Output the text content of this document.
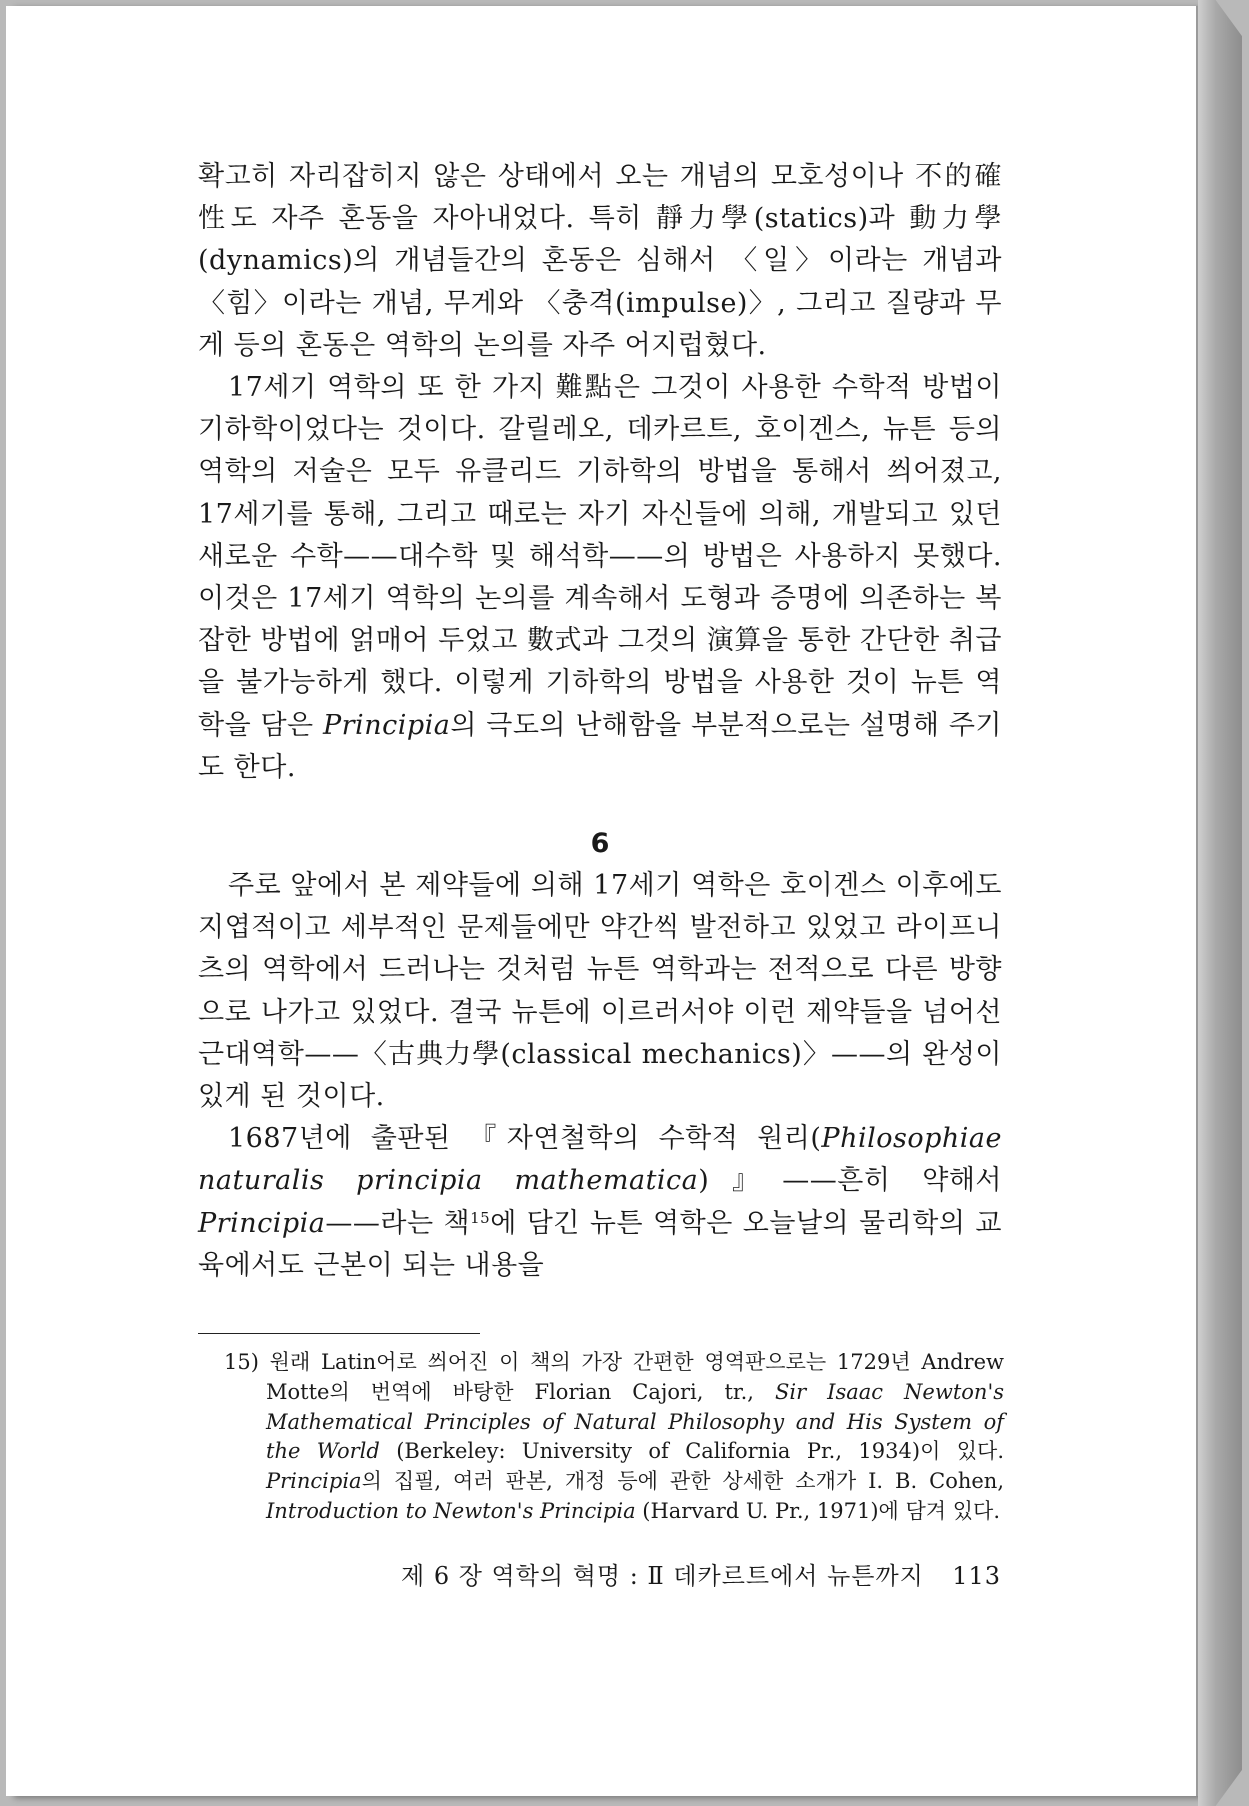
확고히 자리잡히지 않은 상태에서 오는 개념의 모호성이나 不的確性도 자주 혼동을 자아내었다. 특히 靜力學(statics)과 動力學(dynamics)의 개념들간의 혼동은 심해서 〈일〉이라는 개념과 〈힘〉이라는 개념, 무게와 〈충격(impulse)〉, 그리고 질량과 무게 등의 혼동은 역학의 논의를 자주 어지럽혔다.

17세기 역학의 또 한 가지 難點은 그것이 사용한 수학적 방법이 기하학이었다는 것이다. 갈릴레오, 데카르트, 호이겐스, 뉴튼 등의 역학의 저술은 모두 유클리드 기하학의 방법을 통해서 씌어졌고, 17세기를 통해, 그리고 때로는 자기 자신들에 의해, 개발되고 있던 새로운 수학——대수학 및 해석학——의 방법은 사용하지 못했다. 이것은 17세기 역학의 논의를 계속해서 도형과 증명에 의존하는 복잡한 방법에 얽매어 두었고 數式과 그것의 演算을 통한 간단한 취급을 불가능하게 했다. 이렇게 기하학의 방법을 사용한 것이 뉴튼 역학을 담은 Principia의 극도의 난해함을 부분적으로는 설명해 주기도 한다.

6

주로 앞에서 본 제약들에 의해 17세기 역학은 호이겐스 이후에도 지엽적이고 세부적인 문제들에만 약간씩 발전하고 있었고 라이프니츠의 역학에서 드러나는 것처럼 뉴튼 역학과는 전적으로 다른 방향으로 나가고 있었다. 결국 뉴튼에 이르러서야 이런 제약들을 넘어선 근대역학——〈古典力學(classical mechanics)〉——의 완성이 있게 된 것이다.

1687년에 출판된 『자연철학의 수학적 원리(Philosophiae naturalis principia mathematica)』——흔히 약해서 Principia——라는 책$^{15}$에 담긴 뉴튼 역학은 오늘날의 물리학의 교육에서도 근본이 되는 내용을

15) 원래 Latin어로 씌어진 이 책의 가장 간편한 영역판으로는 1729년 Andrew Motte의 번역에 바탕한 Florian Cajori, tr., Sir Isaac Newton's Mathematical Principles of Natural Philosophy and His System of the World (Berkeley: University of California Pr., 1934)이 있다. Principia의 집필, 여러 판본, 개정 등에 관한 상세한 소개가 I. B. Cohen, Introduction to Newton's Principia (Harvard U. Pr., 1971)에 담겨 있다.

제 6 장 역학의 혁명 : Ⅱ 데카르트에서 뉴튼까지 113
